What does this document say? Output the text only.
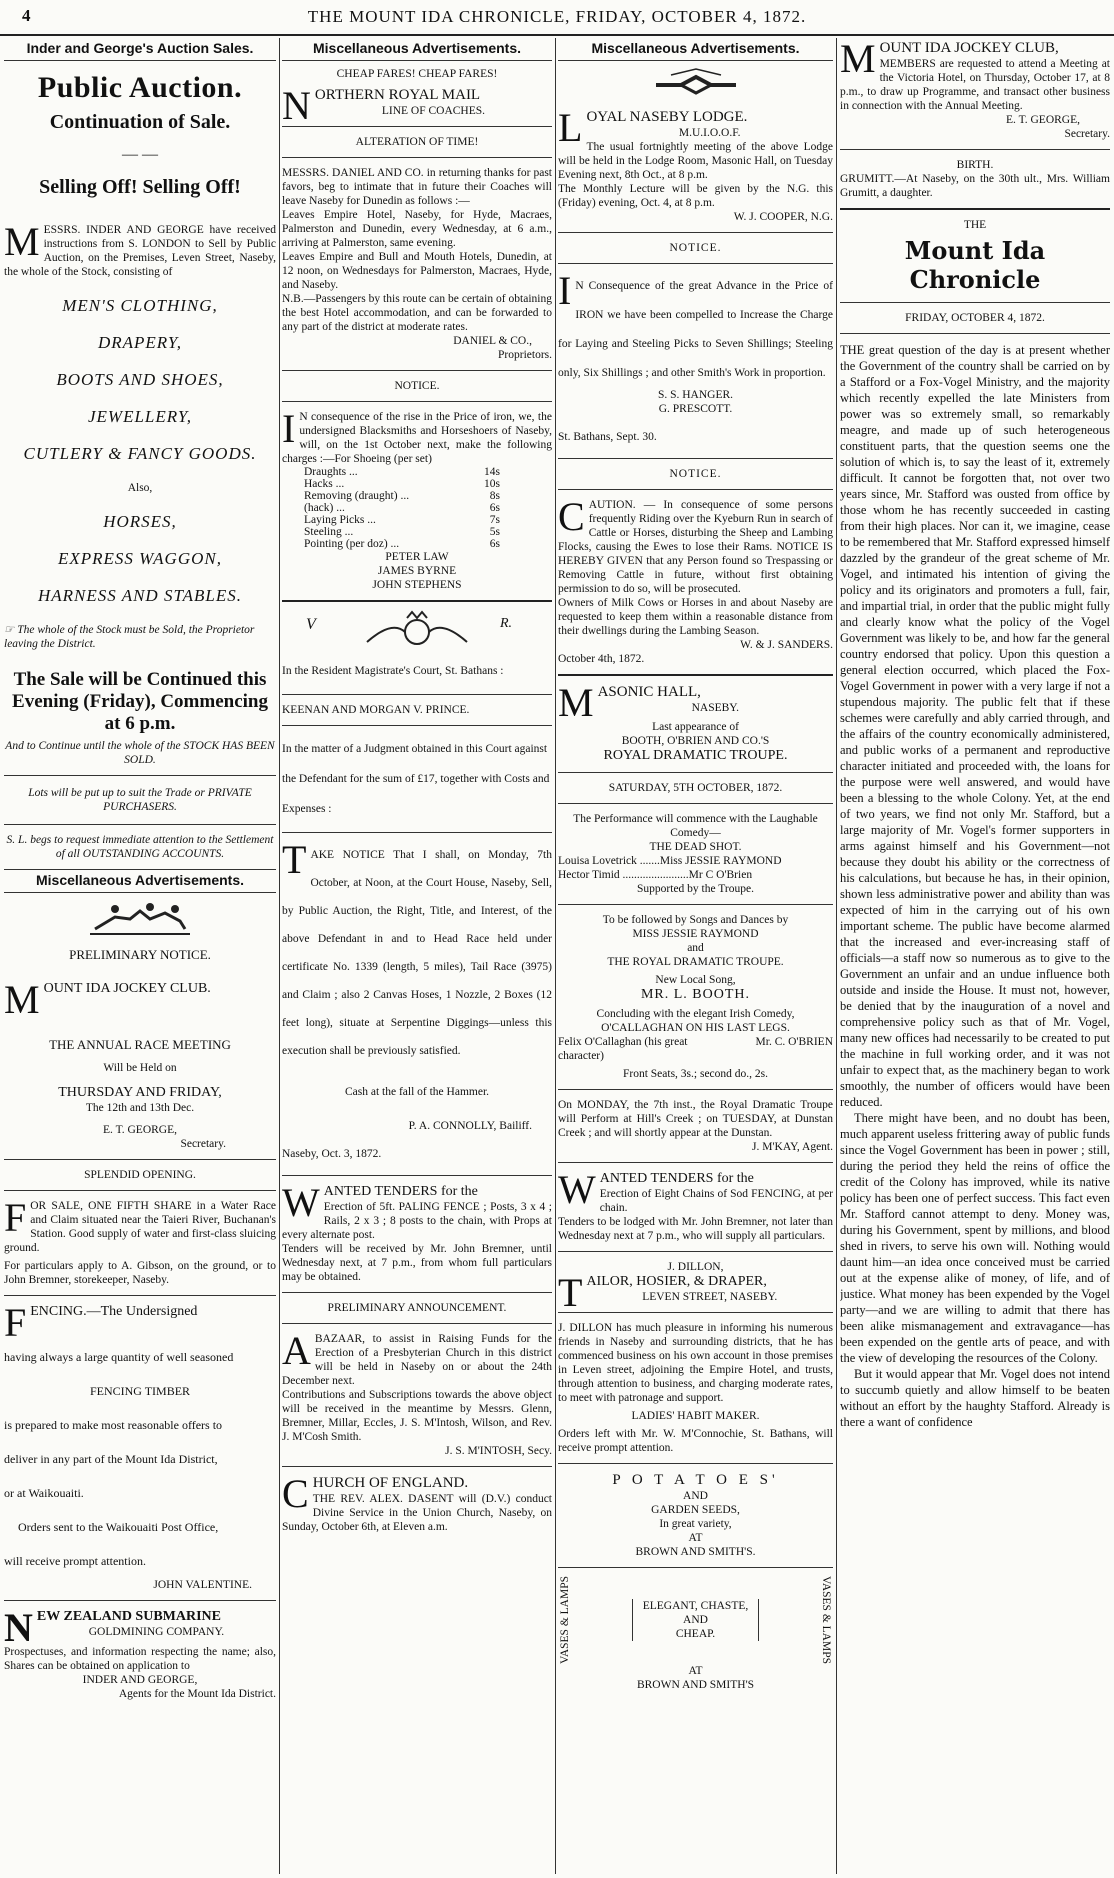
4	THE MOUNT IDA CHRONICLE, FRIDAY, OCTOBER 4, 1872.
Inder and George's Auction Sales.
Public Auction.
Continuation of Sale.
— —
Selling Off! Selling Off!
MESSRS. INDER AND GEORGE have received instructions from S. LONDON to Sell by Public Auction, on the Premises, Leven Street, Naseby, the whole of the Stock, consisting of
MEN'S CLOTHING,
DRAPERY,
BOOTS AND SHOES,
JEWELLERY,
CUTLERY & FANCY GOODS.
Also,
HORSES,
EXPRESS WAGGON,
HARNESS AND STABLES.
☞ The whole of the Stock must be Sold, the Proprietor leaving the District.
The Sale will be Continued this Evening (Friday), Commencing at 6 p.m.
And to Continue until the whole of the STOCK HAS BEEN SOLD.
Lots will be put up to suit the Trade or PRIVATE PURCHASERS.
S. L. begs to request immediate attention to the Settlement of all OUTSTANDING ACCOUNTS.
Miscellaneous Advertisements.
PRELIMINARY NOTICE.
MOUNT IDA JOCKEY CLUB.
THE ANNUAL RACE MEETING
Will be Held on
THURSDAY AND FRIDAY,
The 12th and 13th Dec.
E. T. GEORGE,
Secretary.
SPLENDID OPENING.
FOR SALE, ONE FIFTH SHARE in a Water Race and Claim situated near the Taieri River, Buchanan's Station. Good supply of water and first-class sluicing ground.
For particulars apply to A. Gibson, on the ground, or to John Bremner, storekeeper, Naseby.
FENCING.—The Undersigned
having always a large quantity of well seasoned
FENCING TIMBER
is prepared to make most reasonable offers to
deliver in any part of the Mount Ida District,
or at Waikouaiti.
Orders sent to the Waikouaiti Post Office,
will receive prompt attention.
JOHN VALENTINE.
NEW ZEALAND SUBMARINE
GOLDMINING COMPANY.
Prospectuses, and information respecting the name; also, Shares can be obtained on application to
INDER AND GEORGE,
Agents for the Mount Ida District.
Miscellaneous Advertisements.
CHEAP FARES! CHEAP FARES!
NORTHERN ROYAL MAIL
LINE OF COACHES.
ALTERATION OF TIME!
MESSRS. DANIEL AND CO. in returning thanks for past favors, beg to intimate that in future their Coaches will leave Naseby for Dunedin as follows :—
Leaves Empire Hotel, Naseby, for Hyde, Macraes, Palmerston and Dunedin, every Wednesday, at 6 a.m., arriving at Palmerston, same evening.
Leaves Empire and Bull and Mouth Hotels, Dunedin, at 12 noon, on Wednesdays for Palmerston, Macraes, Hyde, and Naseby.
N.B.—Passengers by this route can be certain of obtaining the best Hotel accommodation, and can be forwarded to any part of the district at moderate rates.
DANIEL & CO.,
Proprietors.
NOTICE.
I N consequence of the rise in the Price of iron, we, the undersigned Blacksmiths and Horseshoers of Naseby, will, on the 1st October next, make the following charges :—For Shoeing (per set)
Draughts ...	14s
Hacks ...	10s
Removing (draught) ...	8s
(hack) ...	6s
Laying Picks ...	7s
Steeling ...	5s
Pointing (per doz) ...	6s
PETER LAW
JAMES BYRNE
JOHN STEPHENS
V	R.
In the Resident Magistrate's Court, St. Bathans :
KEENAN AND MORGAN V. PRINCE.
In the matter of a Judgment obtained in this Court against the Defendant for the sum of £17, together with Costs and Expenses :
TAKE NOTICE That I shall, on Monday, 7th October, at Noon, at the Court House, Naseby, Sell, by Public Auction, the Right, Title, and Interest, of the above Defendant in and to Head Race held under certificate No. 1339 (length, 5 miles), Tail Race (3975) and Claim ; also 2 Canvas Hoses, 1 Nozzle, 2 Boxes (12 feet long), situate at Serpentine Diggings—unless this execution shall be previously satisfied.
Cash at the fall of the Hammer.
P. A. CONNOLLY, Bailiff.
Naseby, Oct. 3, 1872.
WANTED TENDERS for the
Erection of 5ft. PALING FENCE ; Posts, 3 x 4 ; Rails, 2 x 3 ; 8 posts to the chain, with Props at every alternate post.
Tenders will be received by Mr. John Bremner, until Wednesday next, at 7 p.m., from whom full particulars may be obtained.
PRELIMINARY ANNOUNCEMENT.
ABAZAAR, to assist in Raising Funds for the Erection of a Presbyterian Church in this district will be held in Naseby on or about the 24th December next.
Contributions and Subscriptions towards the above object will be received in the meantime by Messrs. Glenn, Bremner, Millar, Eccles, J. S. M'Intosh, Wilson, and Rev. J. M'Cosh Smith.
J. S. M'INTOSH, Secy.
CHURCH OF ENGLAND.
THE REV. ALEX. DASENT will (D.V.) conduct Divine Service in the Union Church, Naseby, on Sunday, October 6th, at Eleven a.m.
Miscellaneous Advertisements.
LOYAL NASEBY LODGE.
M.U.I.O.O.F.
The usual fortnightly meeting of the above Lodge will be held in the Lodge Room, Masonic Hall, on Tuesday Evening next, 8th Oct., at 8 p.m.
The Monthly Lecture will be given by the N.G. this (Friday) evening, Oct. 4, at 8 p.m.
W. J. COOPER, N.G.
NOTICE.
I N Consequence of the great Advance in the Price of IRON we have been compelled to Increase the Charge for Laying and Steeling Picks to Seven Shillings; Steeling only, Six Shillings ; and other Smith's Work in proportion.
S. S. HANGER.
G. PRESCOTT.
St. Bathans, Sept. 30.
NOTICE.
CAUTION. — In consequence of some persons frequently Riding over the Kyeburn Run in search of Cattle or Horses, disturbing the Sheep and Lambing Flocks, causing the Ewes to lose their Rams. NOTICE IS HEREBY GIVEN that any Person found so Trespassing or Removing Cattle in future, without first obtaining permission to do so, will be prosecuted.
Owners of Milk Cows or Horses in and about Naseby are requested to keep them within a reasonable distance from their dwellings during the Lambing Season.
W. & J. SANDERS.
October 4th, 1872.
MASONIC HALL,
NASEBY.
Last appearance of
BOOTH, O'BRIEN AND CO.'S
ROYAL DRAMATIC TROUPE.
SATURDAY, 5TH OCTOBER, 1872.
The Performance will commence with the Laughable Comedy—
THE DEAD SHOT.
Louisa Lovetrick .......Miss JESSIE RAYMOND
Hector Timid .......................Mr C O'Brien
Supported by the Troupe.
To be followed by Songs and Dances by
MISS JESSIE RAYMOND
and
THE ROYAL DRAMATIC TROUPE.
New Local Song,
MR. L. BOOTH.
Concluding with the elegant Irish Comedy,
O'CALLAGHAN ON HIS LAST LEGS.
Felix O'Callaghan (his great character)
Mr. C. O'BRIEN
Front Seats, 3s.; second do., 2s.
On MONDAY, the 7th inst., the Royal Dramatic Troupe will Perform at Hill's Creek ; on TUESDAY, at Dunstan Creek ; and will shortly appear at the Dunstan.
J. M'KAY, Agent.
WANTED TENDERS for the
Erection of Eight Chains of Sod FENCING, at per chain.
Tenders to be lodged with Mr. John Bremner, not later than Wednesday next at 7 p.m., who will supply all particulars.
J. DILLON,
TAILOR, HOSIER, & DRAPER,
LEVEN STREET, NASEBY.
J. DILLON has much pleasure in informing his numerous friends in Naseby and surrounding districts, that he has commenced business on his own account in those premises in Leven street, adjoining the Empire Hotel, and trusts, through attention to business, and charging moderate rates, to meet with patronage and support.
LADIES' HABIT MAKER.
Orders left with Mr. W. M'Connochie, St. Bathans, will receive prompt attention.
P O T A T O E S'
AND
GARDEN SEEDS,
In great variety,
AT
BROWN AND SMITH'S.
VASES & LAMPS	ELEGANT, CHASTE,
AND
CHEAP.	VASES & LAMPS
AT
BROWN AND SMITH'S
MOUNT IDA JOCKEY CLUB,
MEMBERS are requested to attend a Meeting at the Victoria Hotel, on Thursday, October 17, at 8 p.m., to draw up Programme, and transact other business in connection with the Annual Meeting.
E. T. GEORGE,
Secretary.
BIRTH.
GRUMITT.—At Naseby, on the 30th ult., Mrs. William Grumitt, a daughter.
THE
Mount Ida Chronicle
FRIDAY, OCTOBER 4, 1872.
THE great question of the day is at present whether the Government of the country shall be carried on by a Stafford or a Fox-Vogel Ministry, and the majority which recently expelled the late Ministers from power was so extremely small, so remarkably meagre, and made up of such heterogeneous constituent parts, that the question seems one the solution of which is, to say the least of it, extremely difficult. It cannot be forgotten that, not over two years since, Mr. Stafford was ousted from office by those whom he has recently succeeded in casting from their high places. Nor can it, we imagine, cease to be remembered that Mr. Stafford expressed himself dazzled by the grandeur of the great scheme of Mr. Vogel, and intimated his intention of giving the policy and its originators and promoters a full, fair, and impartial trial, in order that the public might fully and clearly know what the policy of the Vogel Government was likely to be, and how far the general country endorsed that policy. Upon this question a general election occurred, which placed the Fox-Vogel Government in power with a very large if not a stupendous majority. The public felt that if these schemes were carefully and ably carried through, and the affairs of the country economically administered, and public works of a permanent and reproductive character initiated and proceeded with, the loans for the purpose were well answered, and would have been a blessing to the whole Colony. Yet, at the end of two years, we find not only Mr. Stafford, but a large majority of Mr. Vogel's former supporters in arms against himself and his Government—not because they doubt his ability or the correctness of his calculations, but because he has, in their opinion, shown less administrative power and ability than was expected of him in the carrying out of his own important scheme. The public have become alarmed that the increased and ever-increasing staff of officials—a staff now so numerous as to give to the Government an unfair and an undue influence both outside and inside the House. It must not, however, be denied that by the inauguration of a novel and comprehensive policy such as that of Mr. Vogel, many new offices had necessarily to be created to put the machine in full working order, and it was not unfair to expect that, as the machinery began to work smoothly, the number of officers would have been reduced.
There might have been, and no doubt has been, much apparent useless frittering away of public funds since the Vogel Government has been in power ; still, during the period they held the reins of office the credit of the Colony has improved, while its native policy has been one of perfect success. This fact even Mr. Stafford cannot attempt to deny. Money was, during his Government, spent by millions, and blood shed in rivers, to serve his own will. Nothing would daunt him—an idea once conceived must be carried out at the expense alike of money, of life, and of justice. What money has been expended by the Vogel party—and we are willing to admit that there has been alike mismanagement and extravagance—has been expended on the gentle arts of peace, and with the view of developing the resources of the Colony.
But it would appear that Mr. Vogel does not intend to succumb quietly and allow himself to be beaten without an effort by the haughty Stafford. Already is there a want of confidence
